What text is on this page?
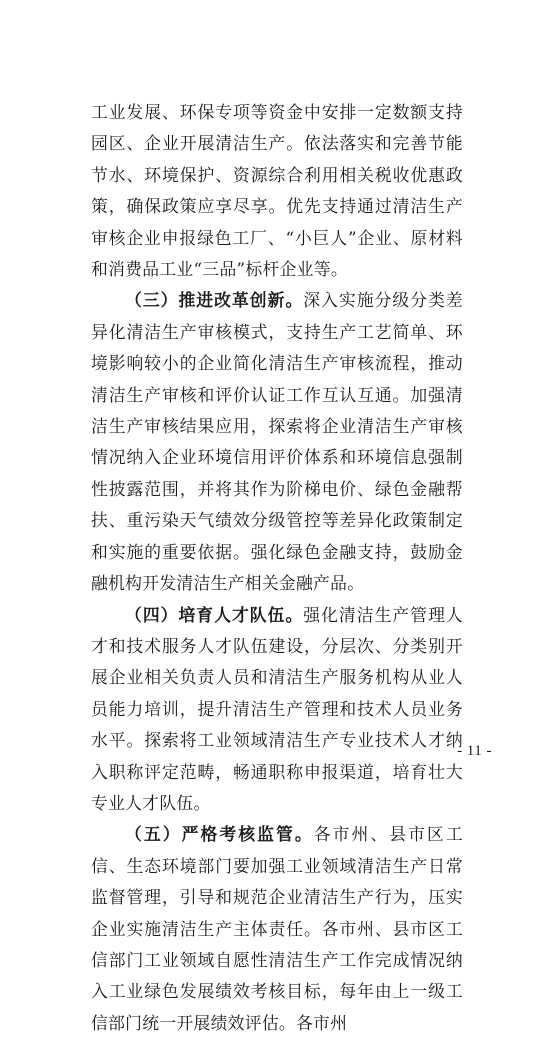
工业发展、环保专项等资金中安排一定数额支持园区、企业开展清洁生产。依法落实和完善节能节水、环境保护、资源综合利用相关税收优惠政策，确保政策应享尽享。优先支持通过清洁生产审核企业申报绿色工厂、“小巨人”企业、原材料和消费品工业“三品”标杆企业等。

（三）推进改革创新。深入实施分级分类差异化清洁生产审核模式，支持生产工艺简单、环境影响较小的企业简化清洁生产审核流程，推动清洁生产审核和评价认证工作互认互通。加强清洁生产审核结果应用，探索将企业清洁生产审核情况纳入企业环境信用评价体系和环境信息强制性披露范围，并将其作为阶梯电价、绿色金融帮扶、重污染天气绩效分级管控等差异化政策制定和实施的重要依据。强化绿色金融支持，鼓励金融机构开发清洁生产相关金融产品。

（四）培育人才队伍。强化清洁生产管理人才和技术服务人才队伍建设，分层次、分类别开展企业相关负责人员和清洁生产服务机构从业人员能力培训，提升清洁生产管理和技术人员业务水平。探索将工业领域清洁生产专业技术人才纳入职称评定范畴，畅通职称申报渠道，培育壮大专业人才队伍。

（五）严格考核监管。各市州、县市区工信、生态环境部门要加强工业领域清洁生产日常监督管理，引导和规范企业清洁生产行为，压实企业实施清洁生产主体责任。各市州、县市区工信部门工业领域自愿性清洁生产工作完成情况纳入工业绿色发展绩效考核目标，每年由上一级工信部门统一开展绩效评估。各市州

- 11 -
